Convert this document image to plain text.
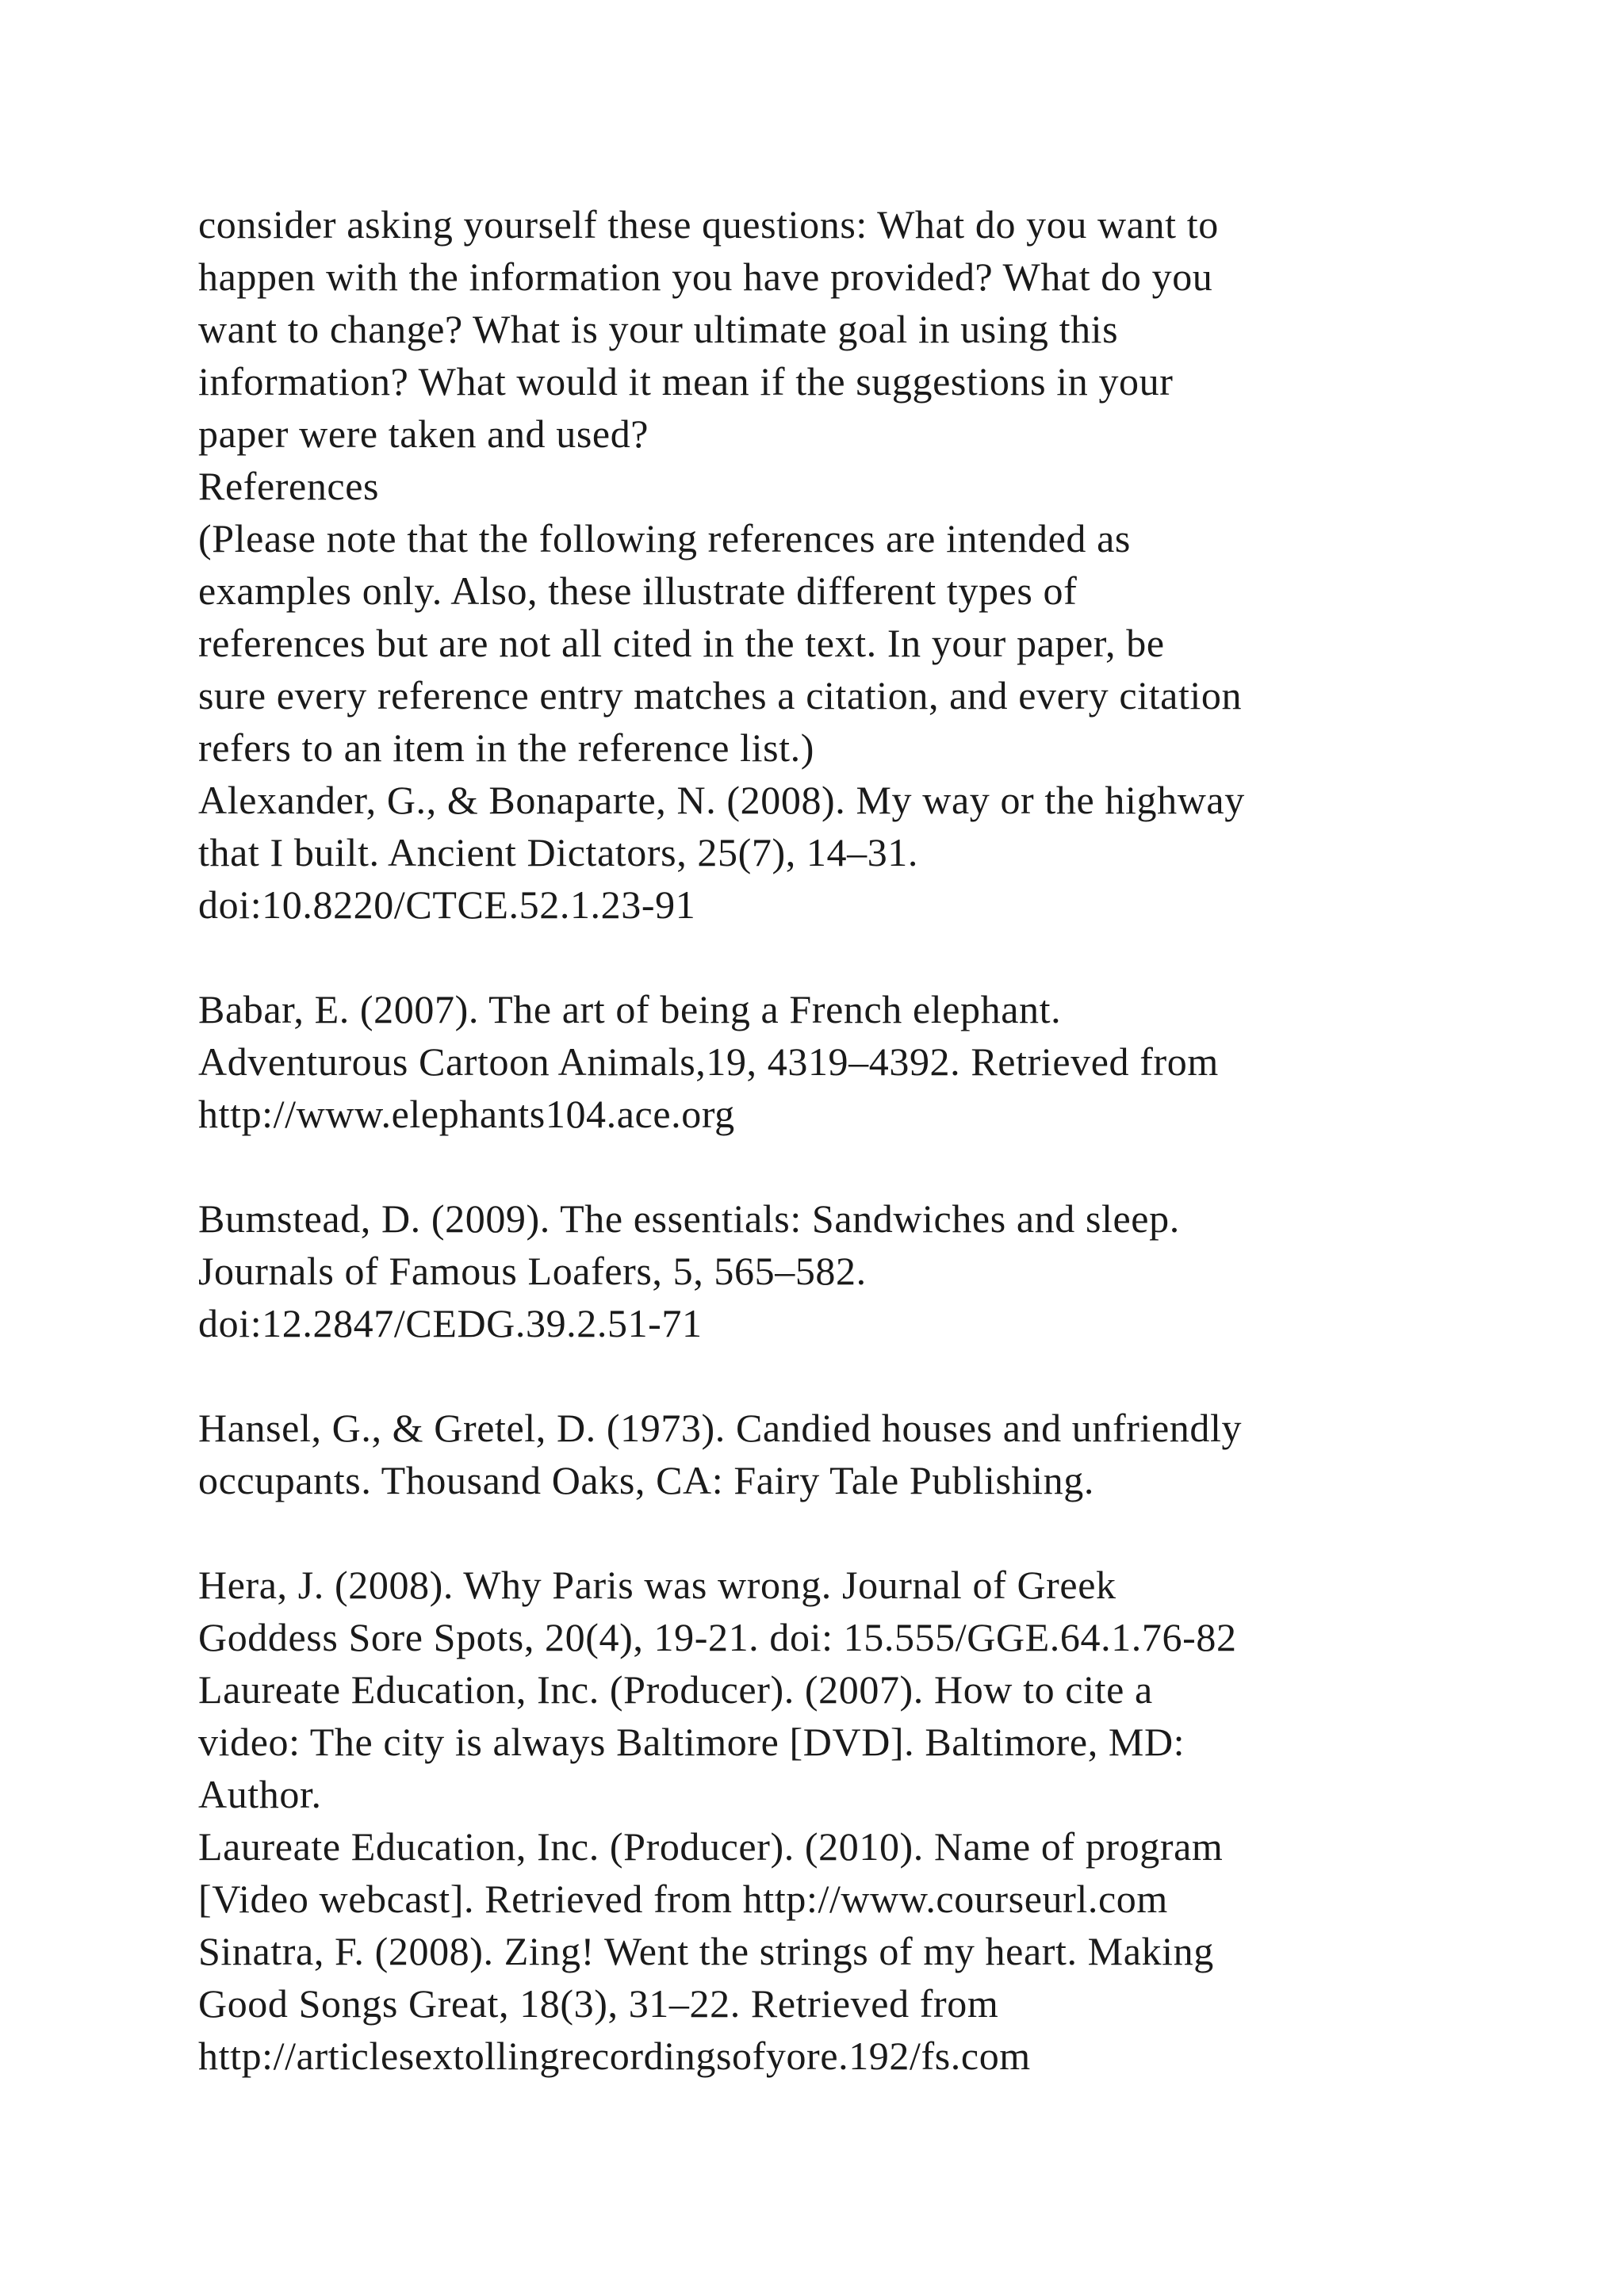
consider asking yourself these questions: What do you want to
happen with the information you have provided? What do you
want to change? What is your ultimate goal in using this
information? What would it mean if the suggestions in your
paper were taken and used?
References
(Please note that the following references are intended as
examples only. Also, these illustrate different types of
references but are not all cited in the text. In your paper, be
sure every reference entry matches a citation, and every citation
refers to an item in the reference list.)
Alexander, G., & Bonaparte, N. (2008). My way or the highway
that I built. Ancient Dictators, 25(7), 14–31.
doi:10.8220/CTCE.52.1.23-91
Babar, E. (2007). The art of being a French elephant.
Adventurous Cartoon Animals,19, 4319–4392. Retrieved from
http://www.elephants104.ace.org
Bumstead, D. (2009). The essentials: Sandwiches and sleep.
Journals of Famous Loafers, 5, 565–582.
doi:12.2847/CEDG.39.2.51-71
Hansel, G., & Gretel, D. (1973). Candied houses and unfriendly
occupants. Thousand Oaks, CA: Fairy Tale Publishing.
Hera, J. (2008). Why Paris was wrong. Journal of Greek
Goddess Sore Spots, 20(4), 19-21. doi: 15.555/GGE.64.1.76-82
Laureate Education, Inc. (Producer). (2007). How to cite a
video: The city is always Baltimore [DVD]. Baltimore, MD:
Author.
Laureate Education, Inc. (Producer). (2010). Name of program
[Video webcast]. Retrieved from http://www.courseurl.com
Sinatra, F. (2008). Zing! Went the strings of my heart. Making
Good Songs Great, 18(3), 31–22. Retrieved from
http://articlesextollingrecordingsofyore.192/fs.com
